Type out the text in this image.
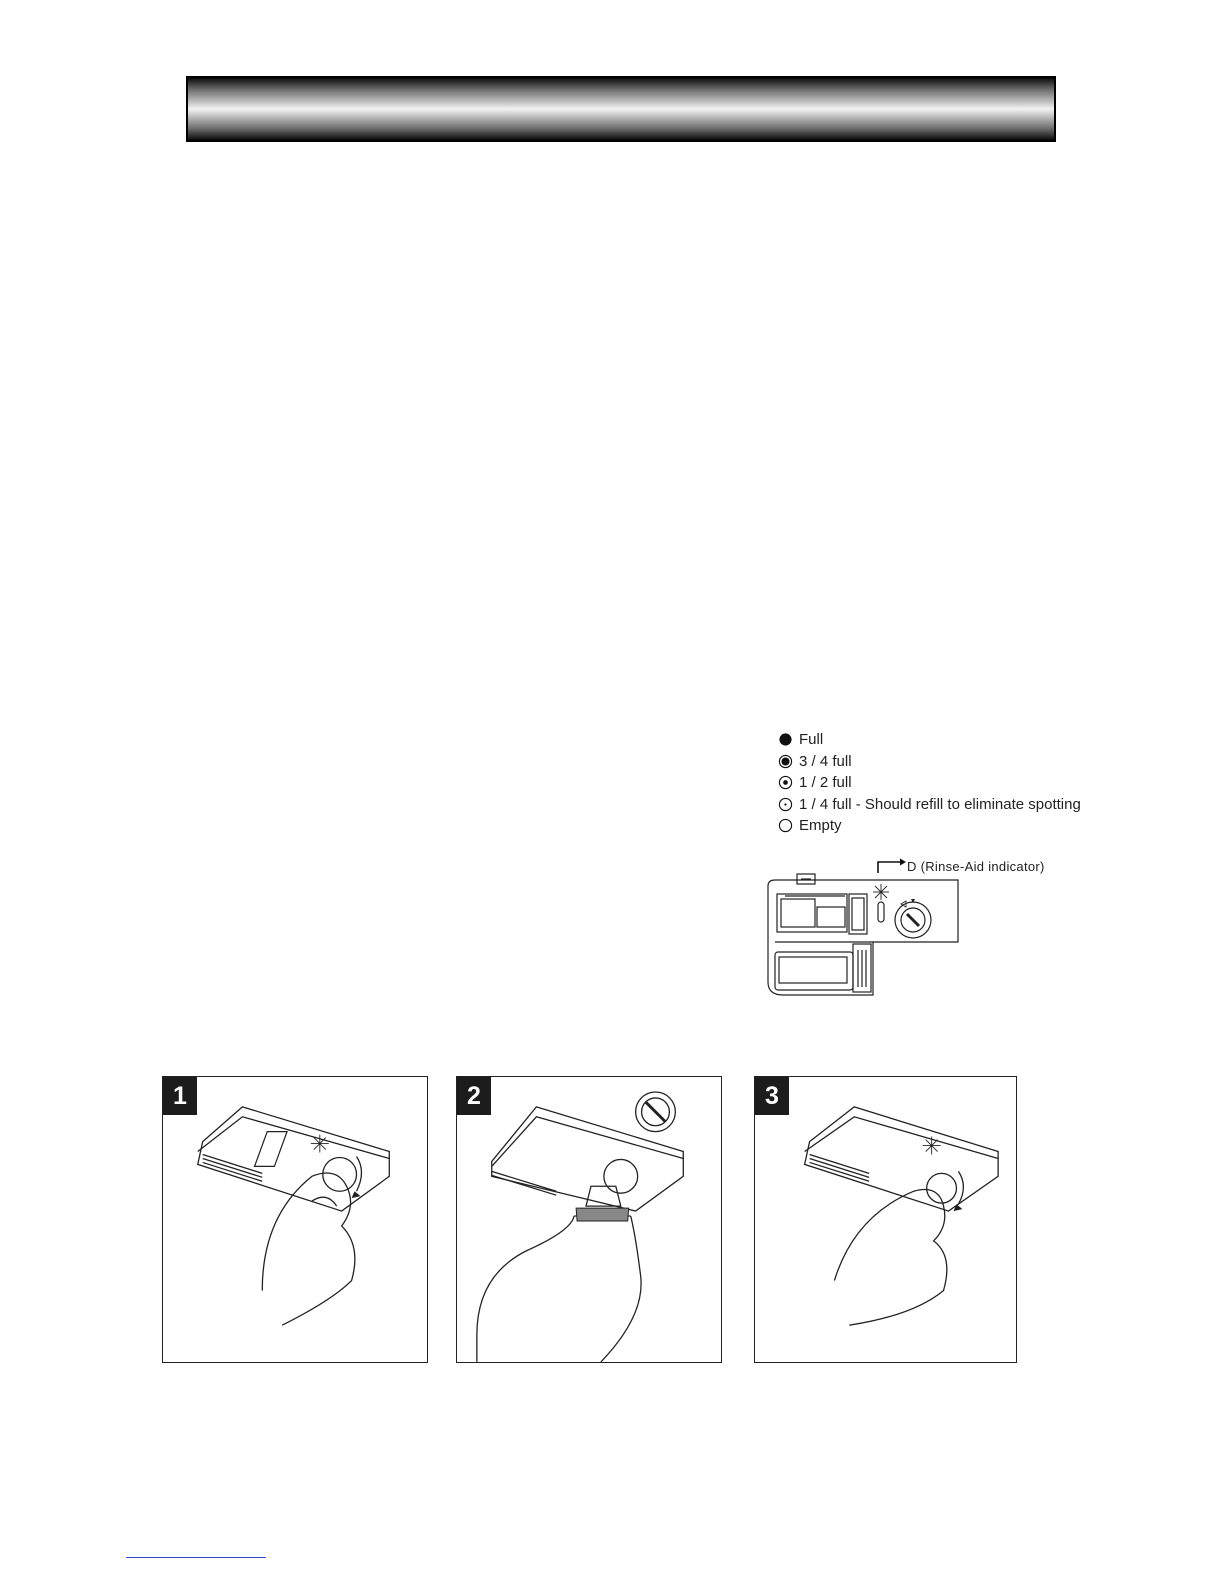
Full
3 / 4 full
1 / 2 full
1 / 4 full - Should refill to eliminate spotting
Empty
D (Rinse-Aid indicator)
1	2	3
